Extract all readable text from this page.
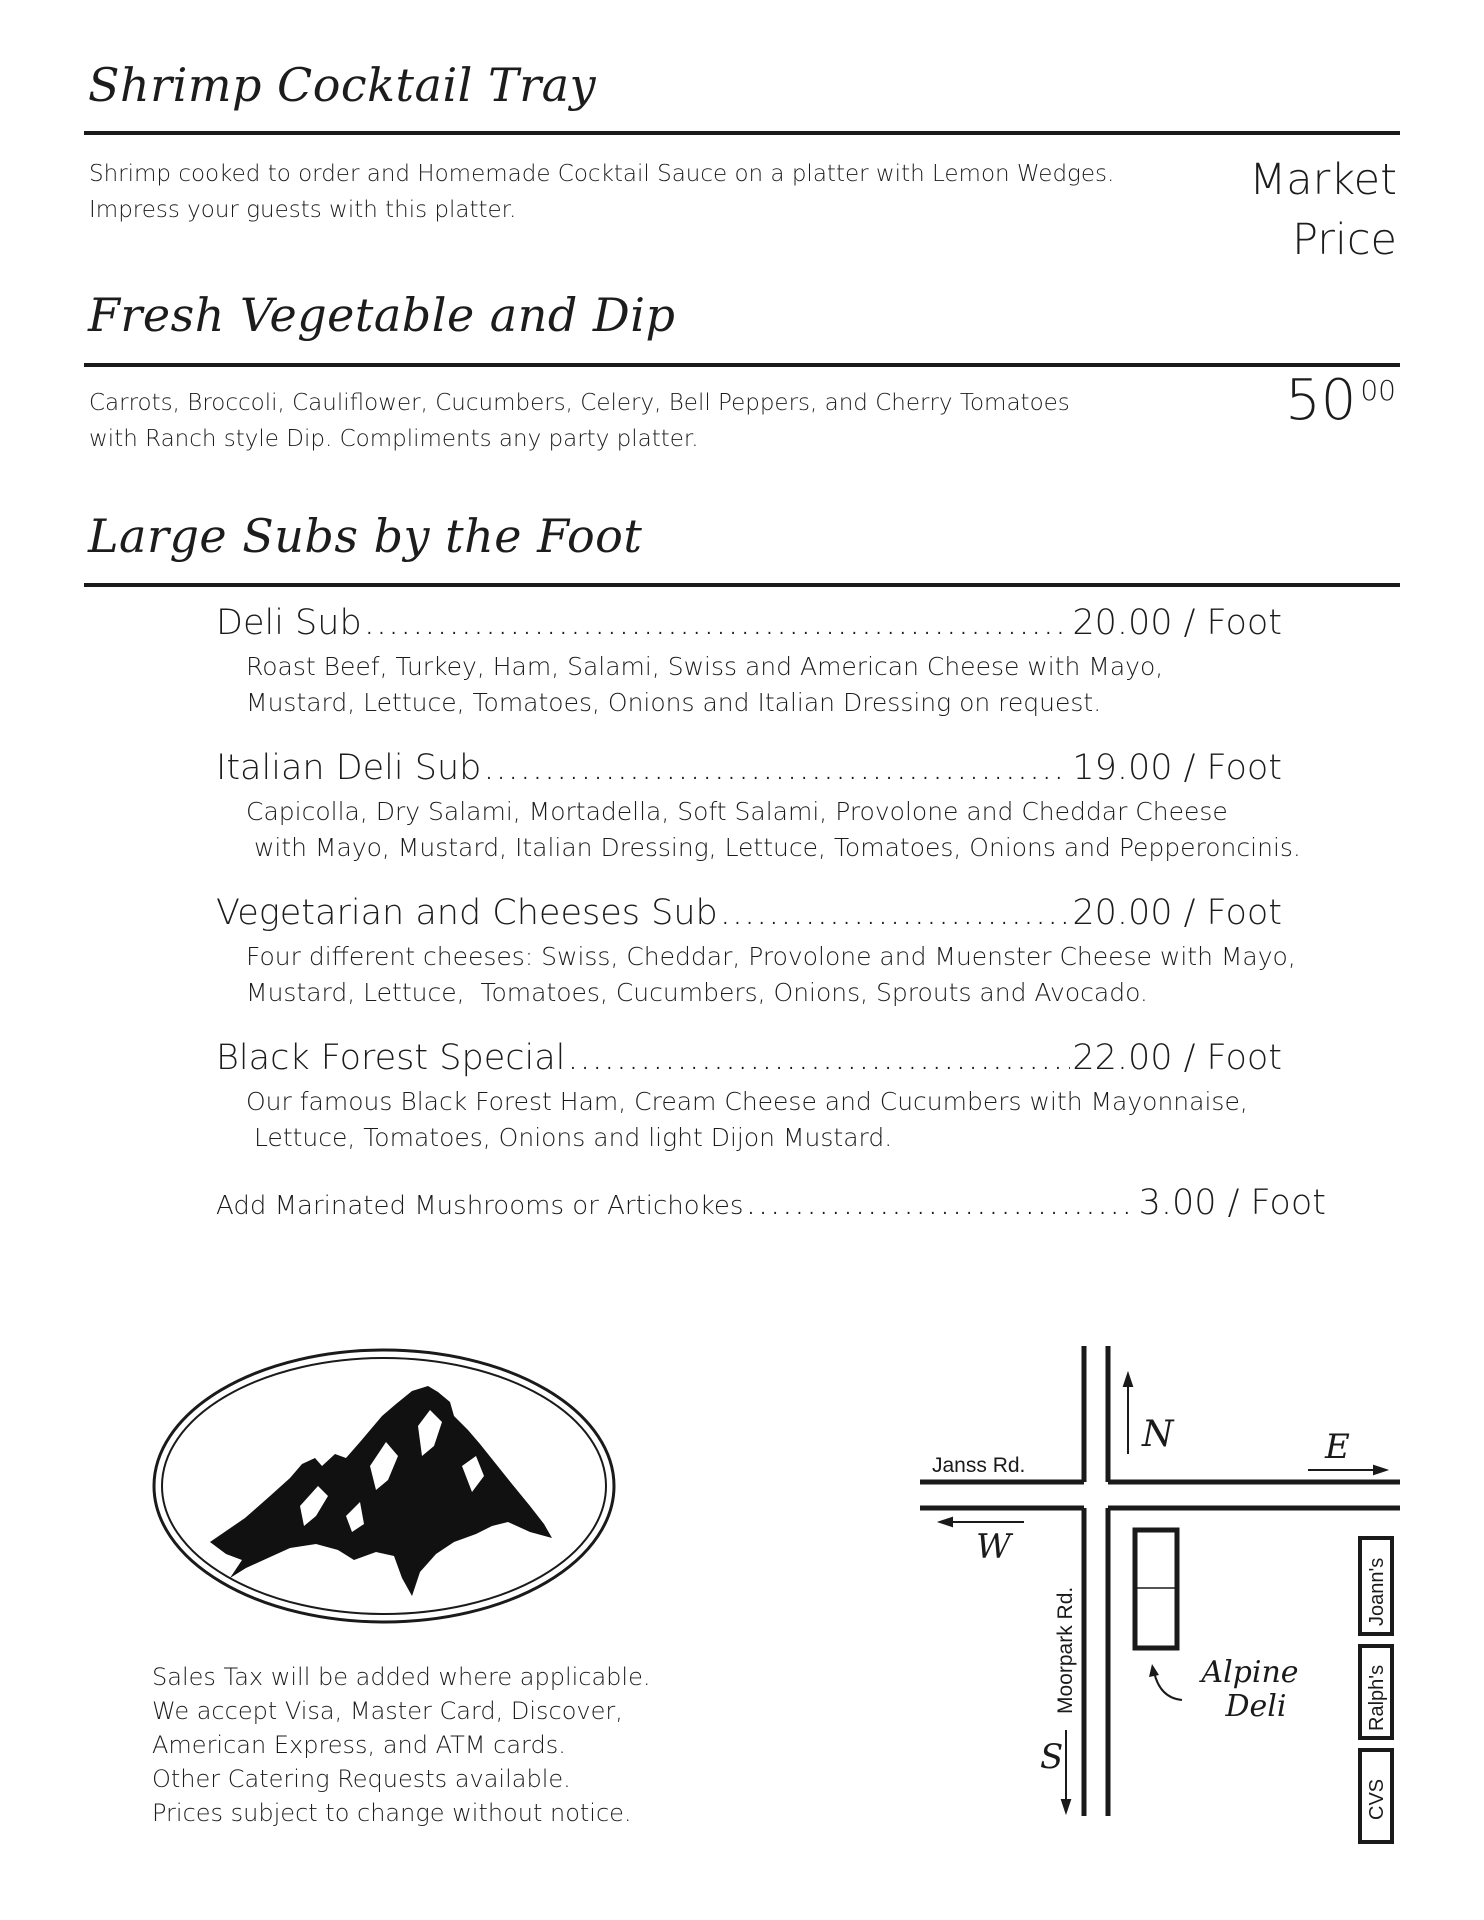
Shrimp Cocktail Tray
Shrimp cooked to order and Homemade Cocktail Sauce on a platter with Lemon Wedges.
Impress your guests with this platter.
Market
Price
Fresh Vegetable and Dip
Carrots, Broccoli, Cauliflower, Cucumbers, Celery, Bell Peppers, and Cherry Tomatoes
with Ranch style Dip. Compliments any party platter.
50 00
Large Subs by the Foot
Deli Sub .....	20.00 / Foot
Roast Beef, Turkey, Ham, Salami, Swiss and American Cheese with Mayo,
Mustard, Lettuce, Tomatoes, Onions and Italian Dressing on request.
Italian Deli Sub .....	19.00 / Foot
Capicolla, Dry Salami, Mortadella, Soft Salami, Provolone and Cheddar Cheese
with Mayo, Mustard, Italian Dressing, Lettuce, Tomatoes, Onions and Pepperoncinis.
Vegetarian and Cheeses Sub .....	20.00 / Foot
Four different cheeses: Swiss, Cheddar, Provolone and Muenster Cheese with Mayo,
Mustard, Lettuce,  Tomatoes, Cucumbers, Onions, Sprouts and Avocado.
Black Forest Special .....	22.00 / Foot
Our famous Black Forest Ham, Cream Cheese and Cucumbers with Mayonnaise,
Lettuce, Tomatoes, Onions and light Dijon Mustard.
Add Marinated Mushrooms or Artichokes .....	3.00 / Foot
Sales Tax will be added where applicable.
We accept Visa, Master Card, Discover,
American Express, and ATM cards.
Other Catering Requests available.
Prices subject to change without notice.
N	E
W
S
Janss Rd.
Moorpark Rd.	Alpine
Deli
Joann's
Ralph's
CVS
